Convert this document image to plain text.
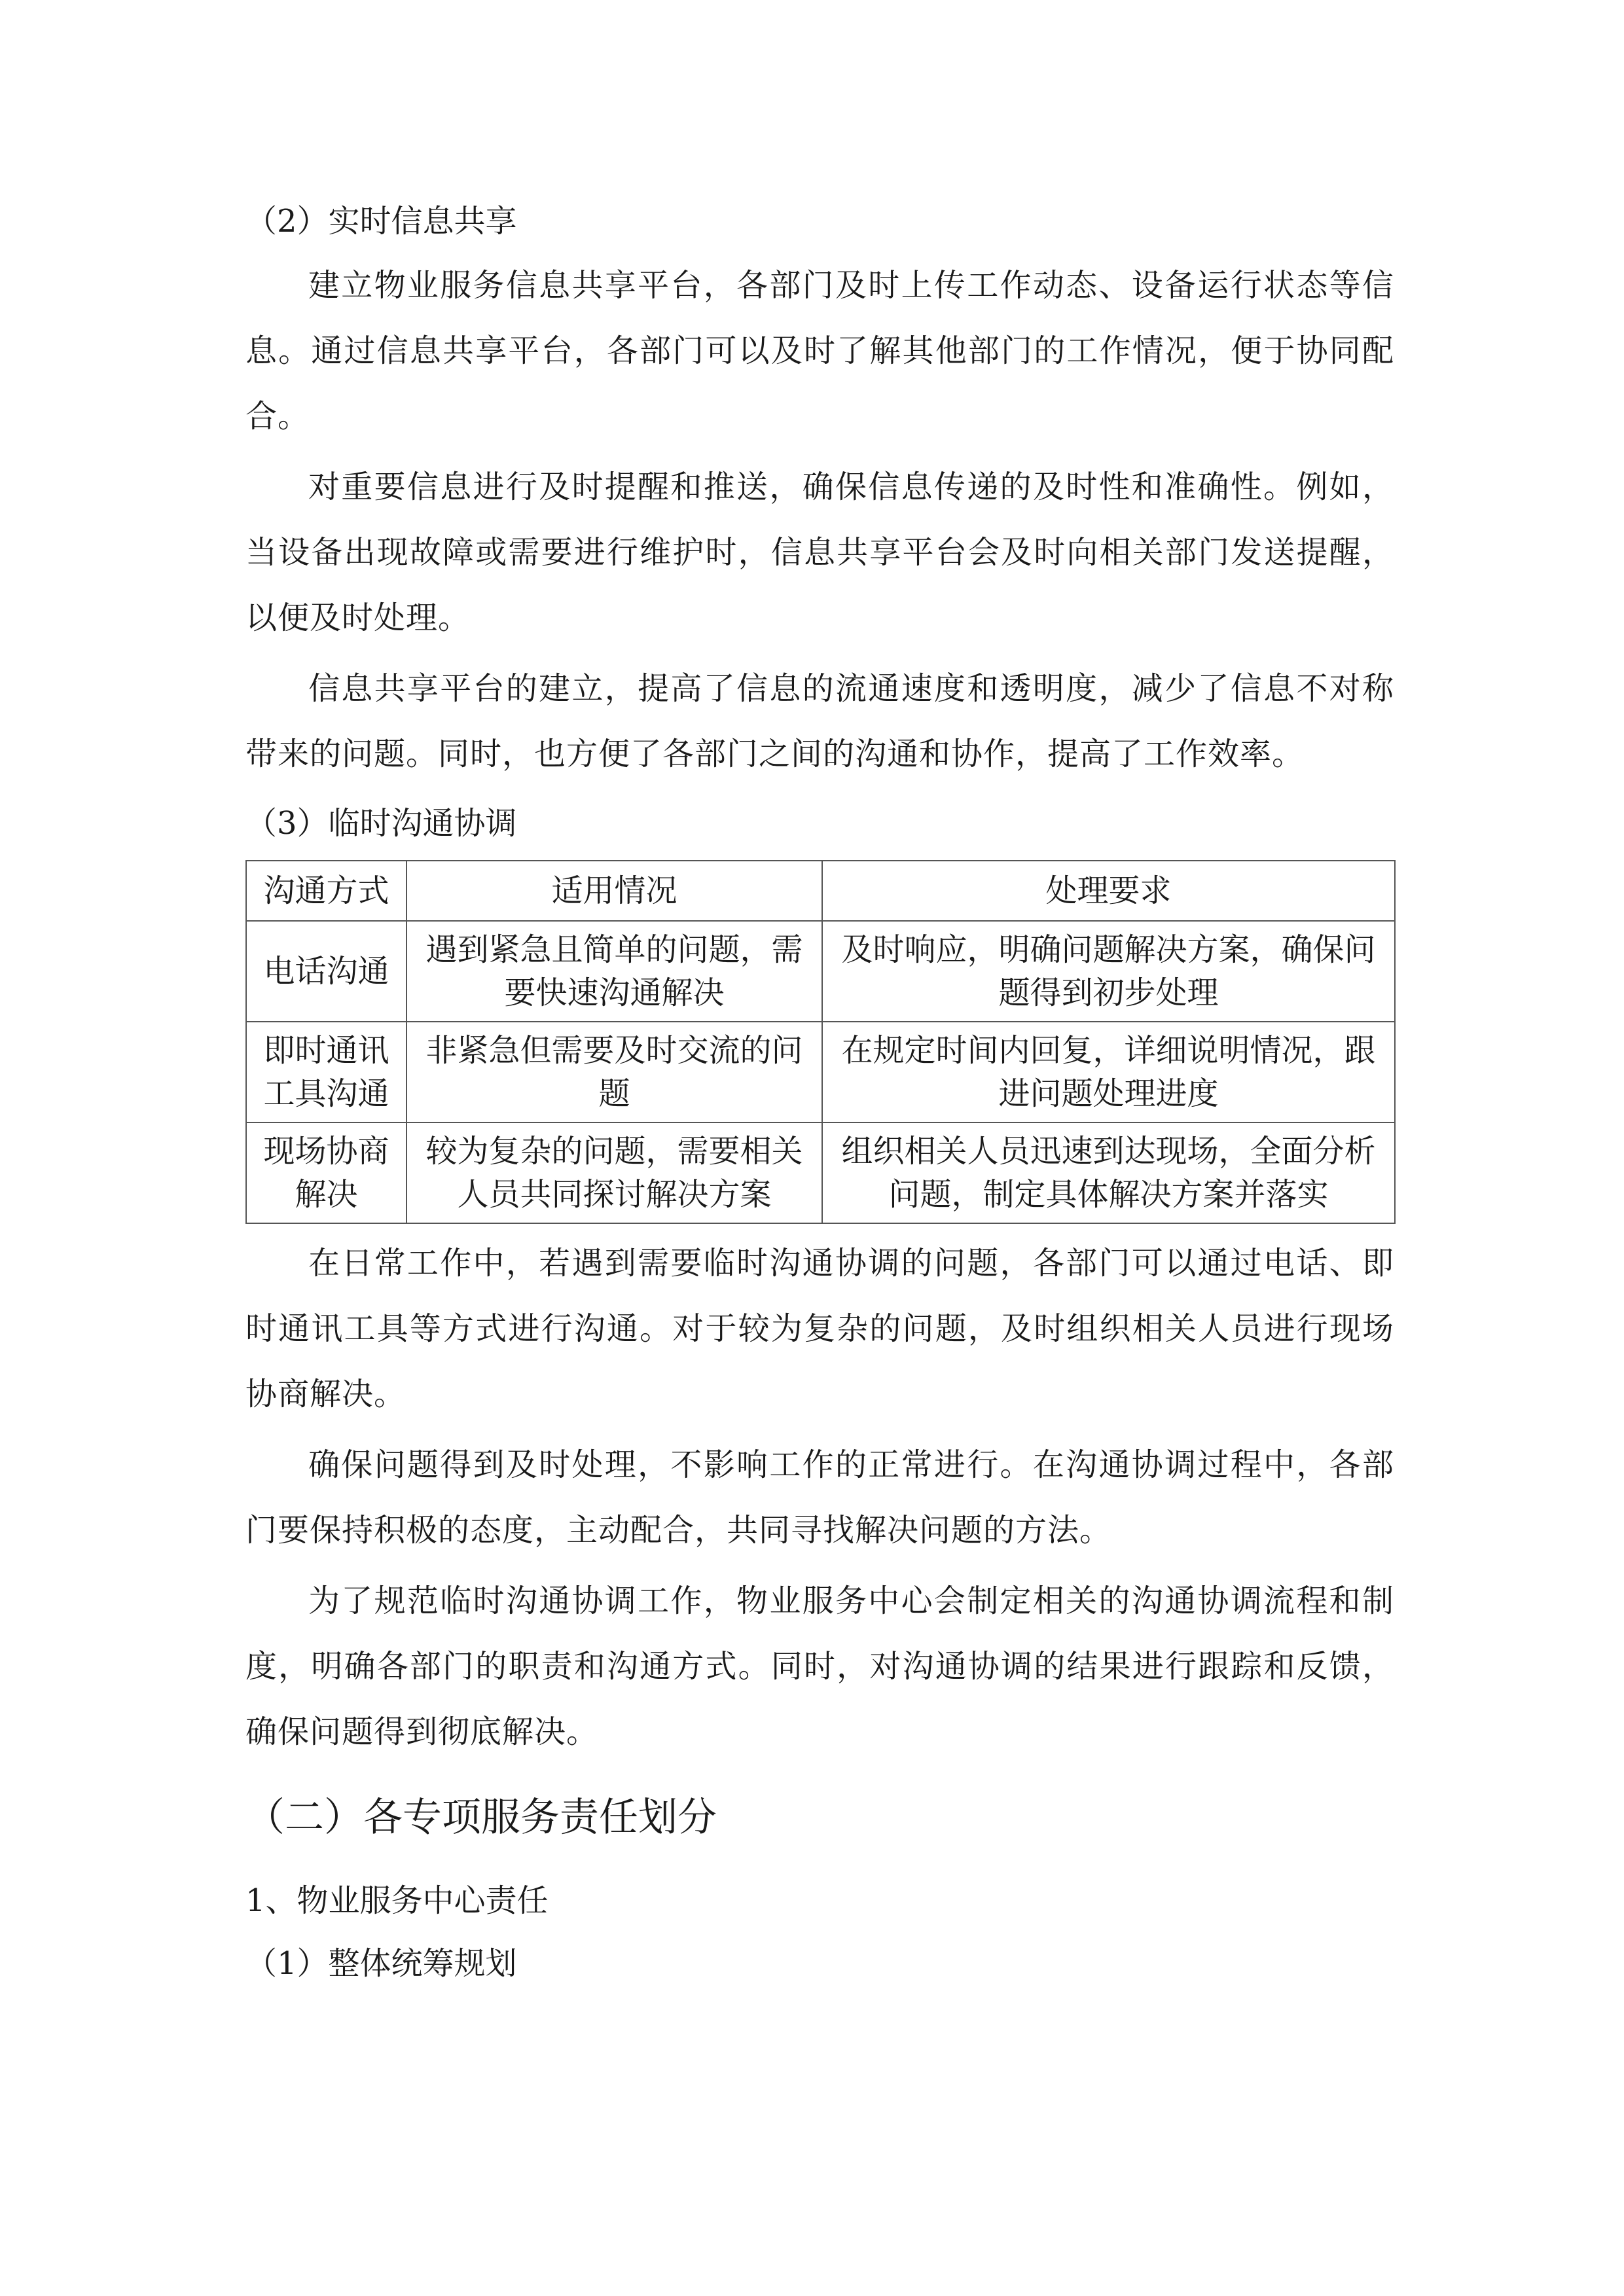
（2）实时信息共享

建立物业服务信息共享平台，各部门及时上传工作动态、设备运行状态等信息。通过信息共享平台，各部门可以及时了解其他部门的工作情况，便于协同配合。

对重要信息进行及时提醒和推送，确保信息传递的及时性和准确性。例如，当设备出现故障或需要进行维护时，信息共享平台会及时向相关部门发送提醒，以便及时处理。

信息共享平台的建立，提高了信息的流通速度和透明度，减少了信息不对称带来的问题。同时，也方便了各部门之间的沟通和协作，提高了工作效率。

（3）临时沟通协调

沟通方式	适用情况	处理要求
电话沟通	遇到紧急且简单的问题，需要快速沟通解决	及时响应，明确问题解决方案，确保问题得到初步处理
即时通讯工具沟通	非紧急但需要及时交流的问题	在规定时间内回复，详细说明情况，跟进问题处理进度
现场协商解决	较为复杂的问题，需要相关人员共同探讨解决方案	组织相关人员迅速到达现场，全面分析问题，制定具体解决方案并落实

在日常工作中，若遇到需要临时沟通协调的问题，各部门可以通过电话、即时通讯工具等方式进行沟通。对于较为复杂的问题，及时组织相关人员进行现场协商解决。

确保问题得到及时处理，不影响工作的正常进行。在沟通协调过程中，各部门要保持积极的态度，主动配合，共同寻找解决问题的方法。

为了规范临时沟通协调工作，物业服务中心会制定相关的沟通协调流程和制度，明确各部门的职责和沟通方式。同时，对沟通协调的结果进行跟踪和反馈，确保问题得到彻底解决。

（二）各专项服务责任划分

1、物业服务中心责任

（1）整体统筹规划
